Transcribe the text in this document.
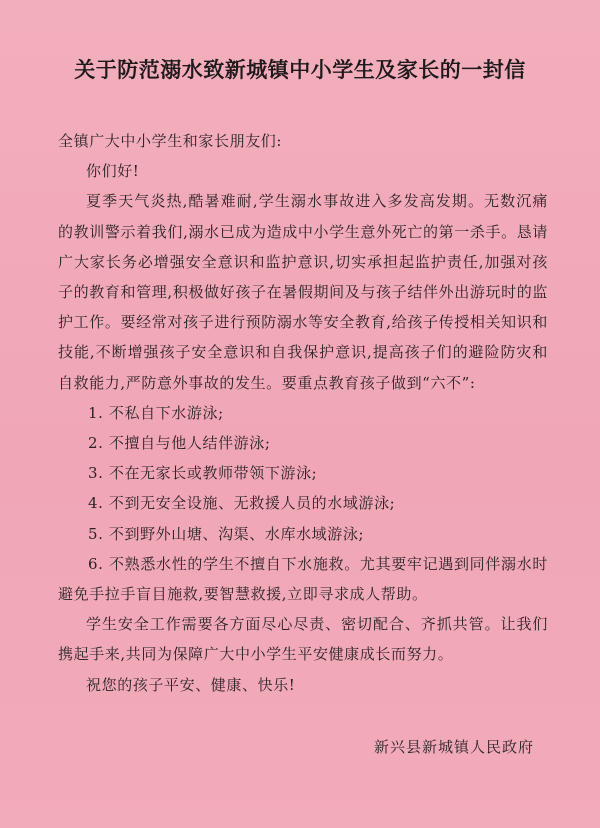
关于防范溺水致新城镇中小学生及家长的一封信

全镇广大中小学生和家长朋友们:

你们好!

夏季天气炎热,酷暑难耐,学生溺水事故进入多发高发期。无数沉痛的教训警示着我们,溺水已成为造成中小学生意外死亡的第一杀手。恳请广大家长务必增强安全意识和监护意识,切实承担起监护责任,加强对孩子的教育和管理,积极做好孩子在暑假期间及与孩子结伴外出游玩时的监护工作。要经常对孩子进行预防溺水等安全教育,给孩子传授相关知识和技能,不断增强孩子安全意识和自我保护意识,提高孩子们的避险防灾和自救能力,严防意外事故的发生。要重点教育孩子做到“六不”:

1. 不私自下水游泳;
2. 不擅自与他人结伴游泳;
3. 不在无家长或教师带领下游泳;
4. 不到无安全设施、无救援人员的水域游泳;
5. 不到野外山塘、沟渠、水库水域游泳;
6. 不熟悉水性的学生不擅自下水施救。尤其要牢记遇到同伴溺水时避免手拉手盲目施救,要智慧救援,立即寻求成人帮助。

学生安全工作需要各方面尽心尽责、密切配合、齐抓共管。让我们携起手来,共同为保障广大中小学生平安健康成长而努力。

祝您的孩子平安、健康、快乐!

新兴县新城镇人民政府
